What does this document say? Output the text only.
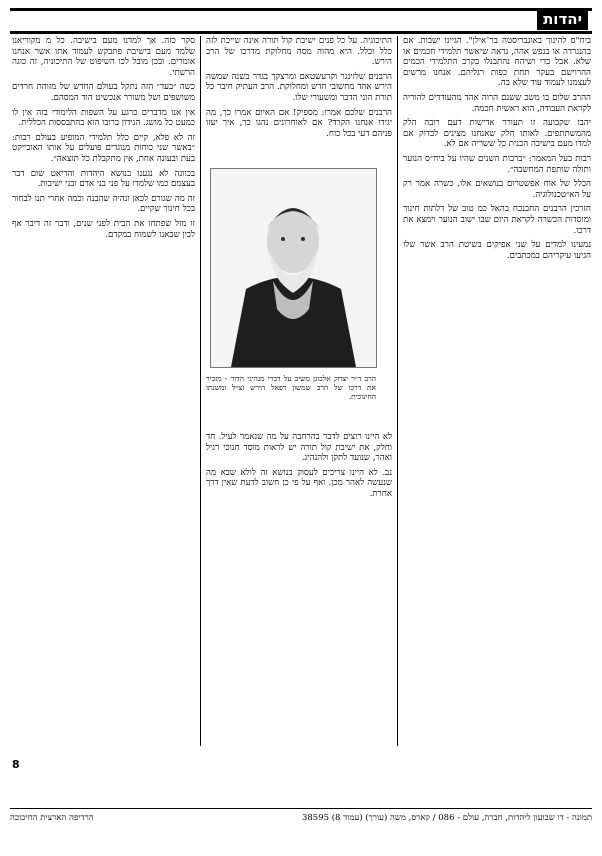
יהדות

ביח"ס להינוך באונבריסטה בר־אילן". הגיינו ישבות. אם בהנגרדה או בנפש אהה, נראה שיאשר תלמידי חכמים או שלא. אבל כדי ושיהח נהתבנלו בקרב התלמידי הכמים ההרוישם בעקר תחת כפות רגליהם. אנחנו מרשים לעצמנו לעמוד עוד שלא בה.

ההרב שלום בו משכ ששנם הרוה אהד מהעודדים להוריה לקראת העבודה, הוא ראשית חכמה.

יהבו שקבועה זו תעורר אדישות דעם רובה הלק מהמשתתפים. לאותו חלק שאנחנו מצינים לבדוק אם למדו מעם בישיבה הכנית כל ששריה אם לא.

רבות בעל המאמר: ״ברבות השנים שהיו על ביח״ס הנוער ותולה שותפת המחשבה״.

הכלל של אוח אפשטרום בנושאים אלו, כשרה אמר רק על הא״טכנולוגיה.

חזרכין הרבנים החבנכח בהאל כמ טוב של דלתות חינוך ומוסדות הכשרה לקראת היום שבו ישוב הנוער וימצא את דרכו.

נמעינו למדים על שני אפיקים בשיטת הרב אשר שלו הגיעו עיקריהם במכתבים.

התיכוניה. על כל פנים ישיבת קול תורה אינה שייכת לזה כלל וכלל. היא מהוה מסה מחלוקת מדרכו של הרב הירש.

הרבנים שלזינגר וקרעשטאם ומרצקך בגדר בשנה שמשה הירש אהד מחשובי חדש ומחלוקת. הרב העתיק חיבר כל תורת הוני הדבר ומשעורי שלו.

הרבנים שלכם אמרו: מספיק! אם האיום אמרו כך, מה יגידו אנחנו הקרד? אם לאוחרונים נהגו כך, איך יעזו פניהם דעי בכל כוח.

הרב ד״ר יצחק אלבוגן משיב על דברי מנהיגי הדור - מזכיר את דרכו של הרב שמשון רפאל הירש זצ״ל ומשנתו החינוכית.

לא היינו רוצים לדבר בהרחבה על מה שנאמר לעיל. חד וחלק, את ישיבת קול תורה יש לראות מוסד חנוכי רגיל ואהר, שנועד לתקן ולהנהיג.

נב. לא היינו צריכים לעסוק בנושא זה לולא שבא מה שנעשה לאהר מכן. ואף על פי כן חשוב לדעת שאין דרך אחרת.

סקר כזה. אך למדנו מעם בישיבה. כל מ מקוריאנו שלמד מעם בישיבת פתבקש לעמוד אתו אשר אנחנו אומרים. ובכן מובל לכו השיפוט של התיכוניה, זה כוגה הרשתי.

כשה ״בעד״ הזה נתקל בעולם החדש של מזוהת חרדים משושפים ושל משורר אנכשיט הוד המסהם.

אין אנו מדברים כרגע על השפות הלימודי בזה אין לו כמעט כל מושג. הנידון ברובו הוא בהתבססות הכללית.

זה לא פלא, קיים כלל תלמידי המופיע בעולם רבות: ״באשר שני כוחות מנוגדים פועלים על אותו האובייקט בעת ובעונה אחת, אין מתקבלת כל תוצאה״.

בכוונה לא נגענו בנושא היהדות והדיאט שום דבר בעצמם כמו שלמדו על פני בני אדם ובני ישיבות.

זה מה שגורם לכאן ונהיה שהבנה וכמה אחרי תנו לבחור בכל חינוך שקיים.

זו מזל שפתחו את הבית לפני שנים, ודבר זה דיבר אף לבין שבאנו לשמוח במקדם.

8
תמונה - דו שבועון ליהדות, חברה, עולם - 086 / קארס, משה (עורך) (עמוד 8) 38595
הרדיפה הארצית החיכוכה
